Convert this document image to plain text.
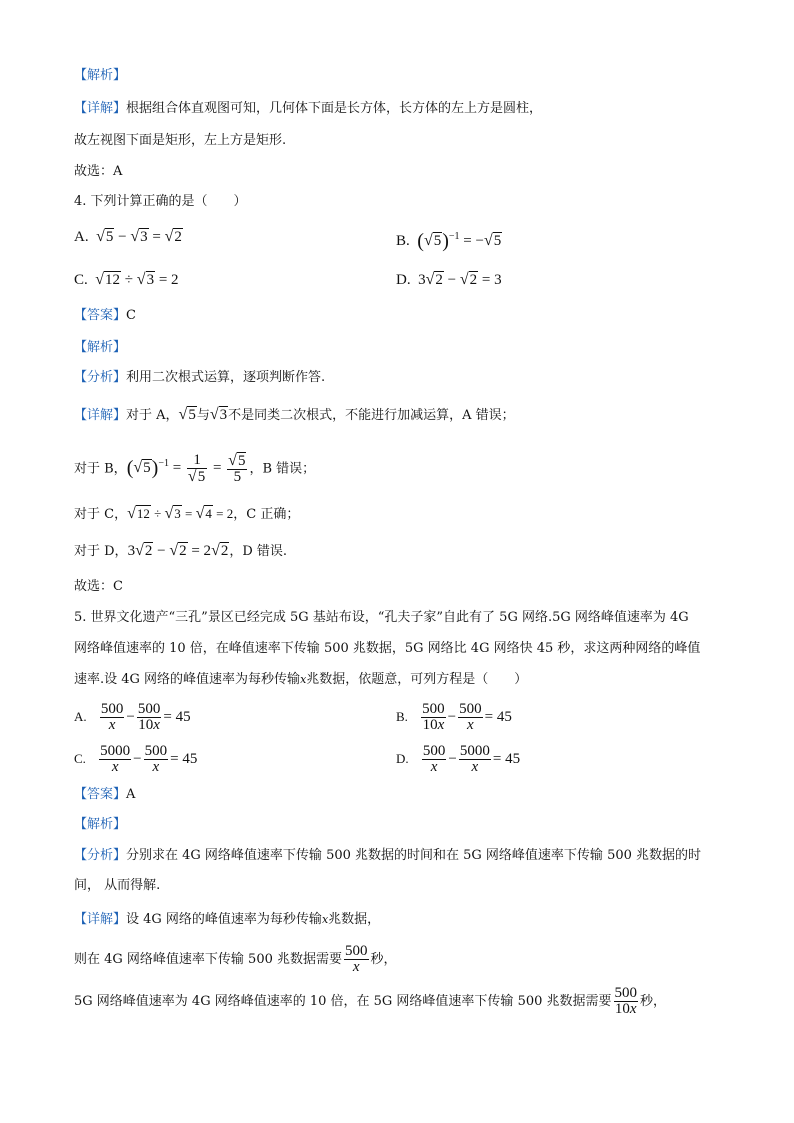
【解析】
【详解】根据组合体直观图可知，几何体下面是长方体，长方体的左上方是圆柱，
故左视图下面是矩形，左上方是矩形.
故选：A
4. 下列计算正确的是（　　）
A. √5 − √3 = √2	B. $(√5)^{-1} = -√5$
C. √12 ÷ √3 = 2	D.  3√2 − √2 = 3
【答案】C
【解析】
【分析】利用二次根式运算，逐项判断作答.
【详解】对于 A，√5与√3不是同类二次根式，不能进行加减运算，A 错误；
对于 B，$(√5)^{-1} = \frac{1}{√5} = \frac{√5}{5}$ ，B 错误；
对于 C，√12 ÷ √3 = √4 = 2，C 正确；
对于 D，3√2 − √2 = 2√2，D 错误.
故选：C
5. 世界文化遗产“三孔”景区已经完成 5G 基站布设，“孔夫子家”自此有了 5G 网络.5G 网络峰值速率为 4G
网络峰值速率的 10 倍，在峰值速率下传输 500 兆数据，5G 网络比 4G 网络快 45 秒，求这两种网络的峰值
速率.设 4G 网络的峰值速率为每秒传输x兆数据，依题意，可列方程是（　　）
A. $\frac{500}{x} - \frac{500}{10x} = 45$	B. $\frac{500}{10x} - \frac{500}{x} = 45$
C. $\frac{5000}{x} - \frac{500}{x} = 45$	D. $\frac{500}{x} - \frac{5000}{x} = 45$
【答案】A
【解析】
【分析】分别求在 4G 网络峰值速率下传输 500 兆数据的时间和在 5G 网络峰值速率下传输 500 兆数据的时
间， 从而得解.
【详解】设 4G 网络的峰值速率为每秒传输x兆数据，
则在 4G 网络峰值速率下传输 500 兆数据需要 $\frac{500}{x}$ 秒，
5G 网络峰值速率为 4G 网络峰值速率的 10 倍，在 5G 网络峰值速率下传输 500 兆数据需要 $\frac{500}{10x}$ 秒，
